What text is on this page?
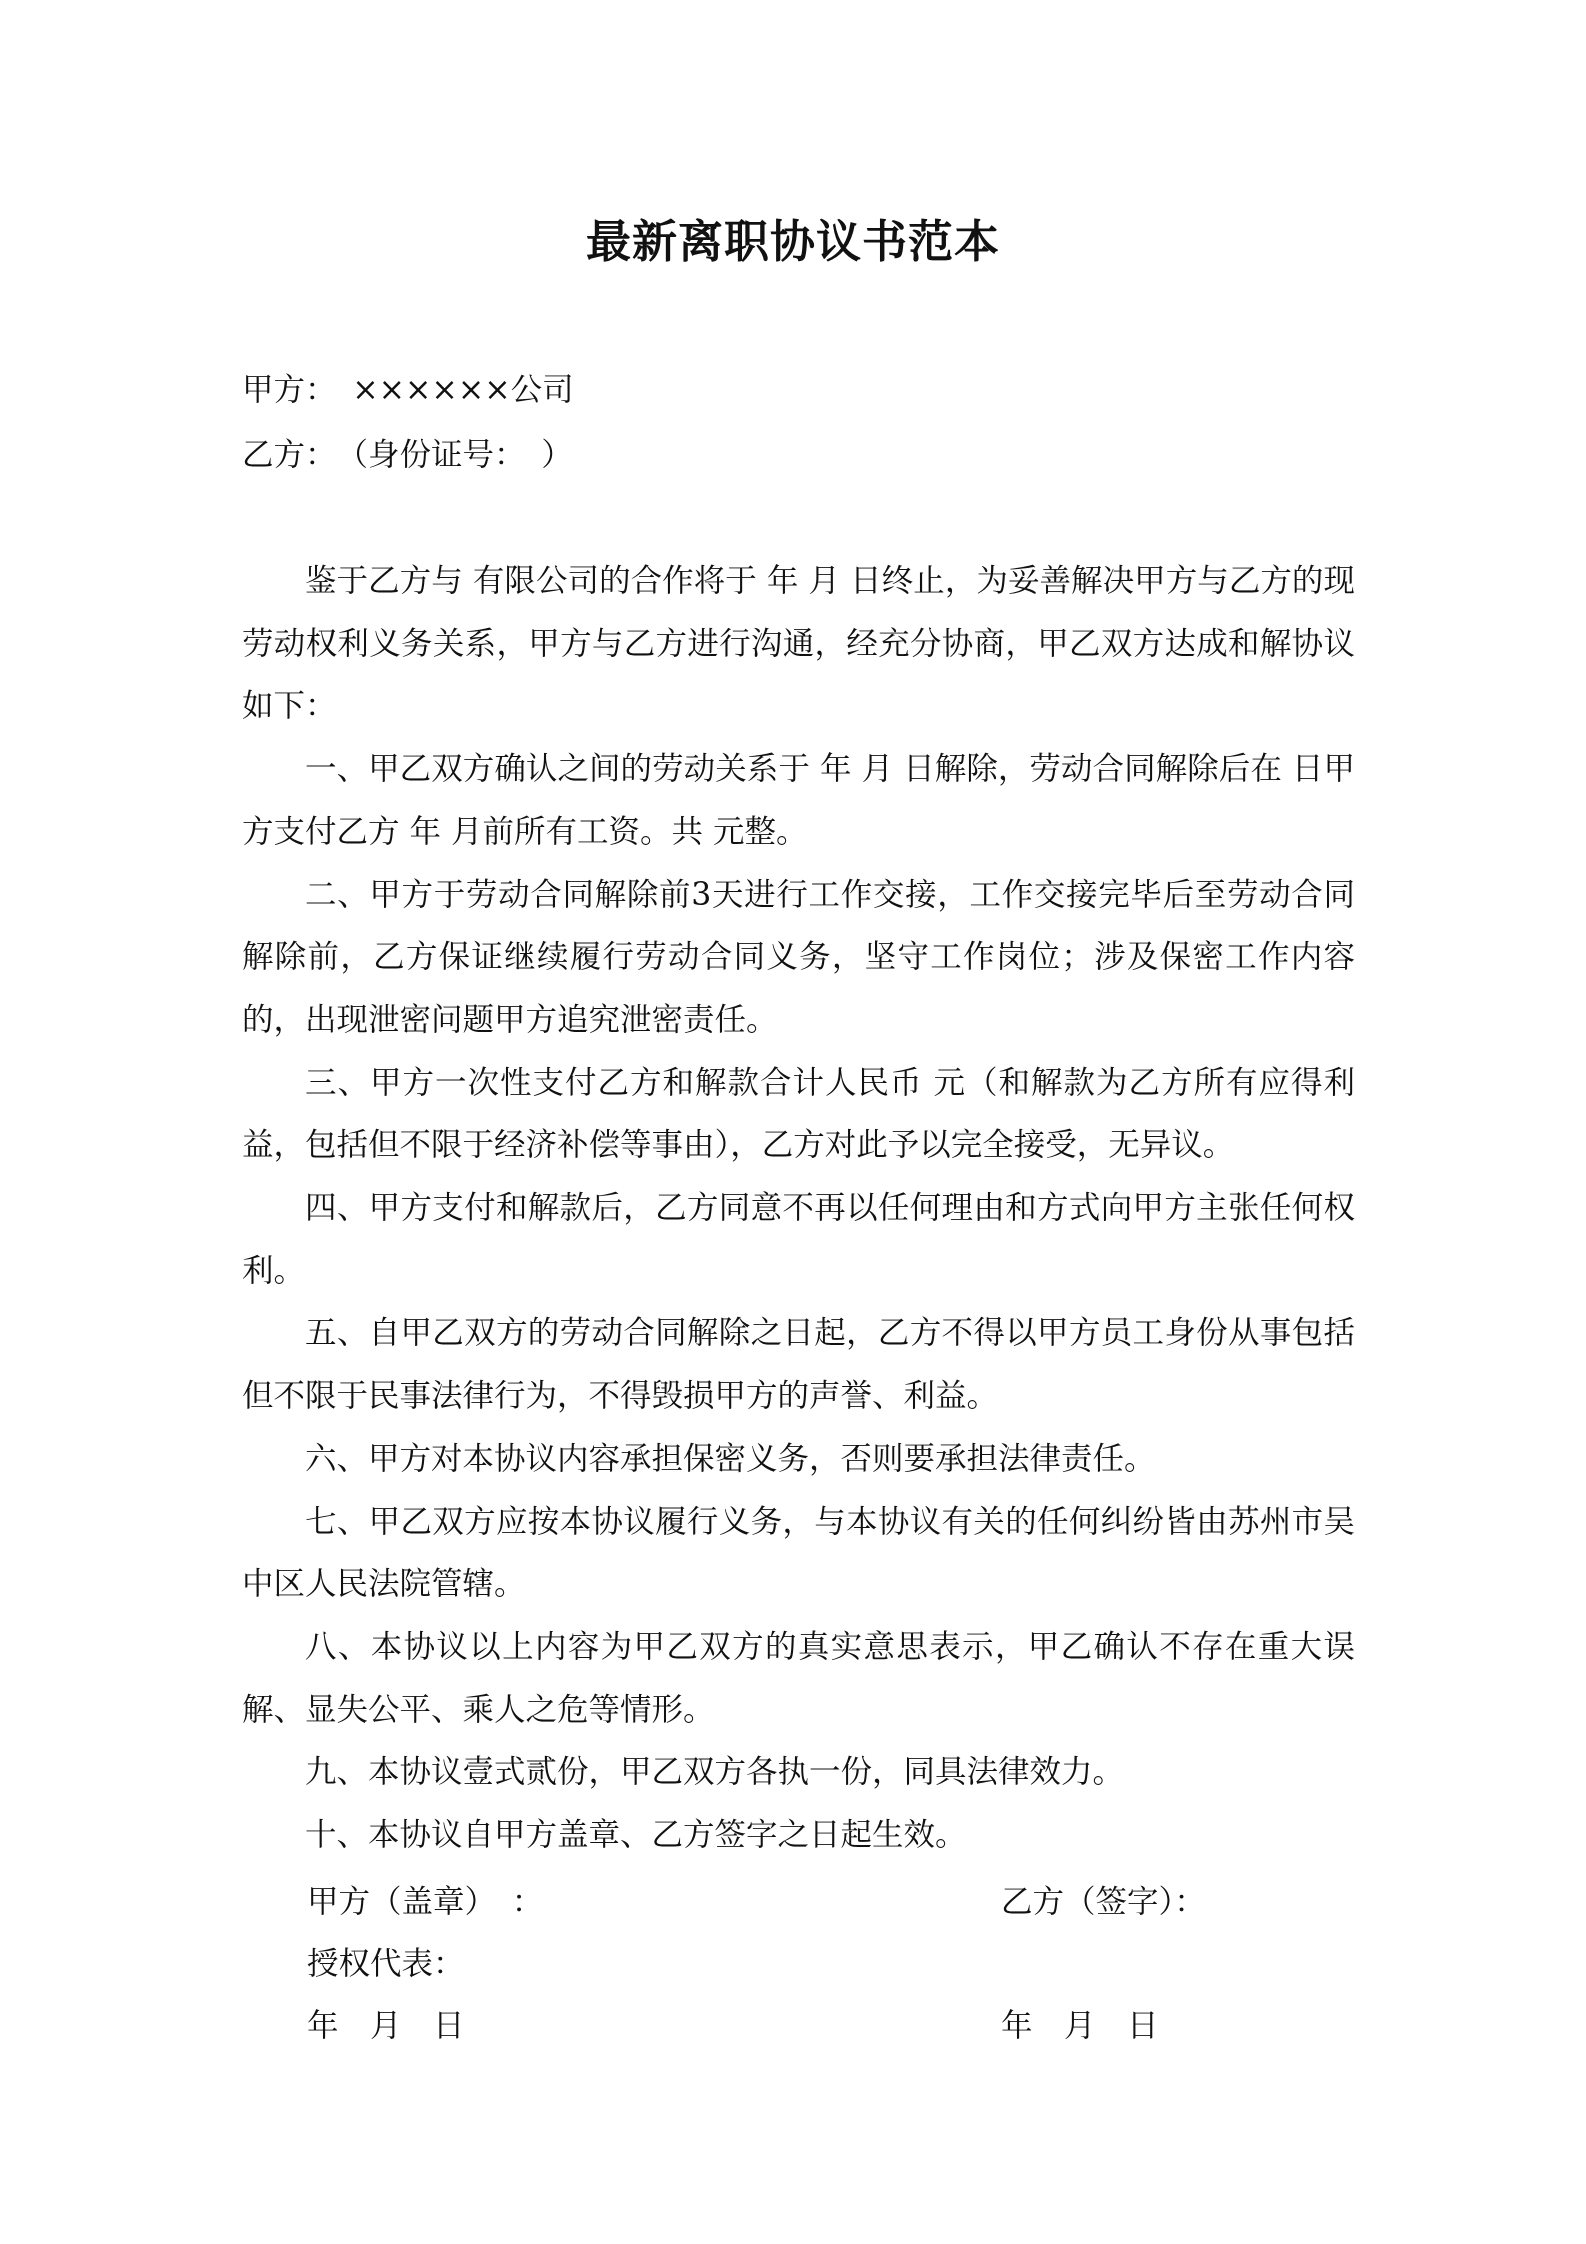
最新离职协议书范本
甲方：　××××××公司
乙方：　（身份证号：　）

鉴于乙方与 有限公司的合作将于 年 月 日终止，为妥善解决甲方与乙方的现劳动权利义务关系，甲方与乙方进行沟通，经充分协商，甲乙双方达成和解协议如下：

一、甲乙双方确认之间的劳动关系于 年 月 日解除，劳动合同解除后在 日甲方支付乙方 年 月前所有工资。共 元整。

二、甲方于劳动合同解除前3天进行工作交接，工作交接完毕后至劳动合同解除前，乙方保证继续履行劳动合同义务，坚守工作岗位；涉及保密工作内容的，出现泄密问题甲方追究泄密责任。

三、甲方一次性支付乙方和解款合计人民币 元（和解款为乙方所有应得利益，包括但不限于经济补偿等事由），乙方对此予以完全接受，无异议。

四、甲方支付和解款后，乙方同意不再以任何理由和方式向甲方主张任何权利。

五、自甲乙双方的劳动合同解除之日起，乙方不得以甲方员工身份从事包括但不限于民事法律行为，不得毁损甲方的声誉、利益。

六、甲方对本协议内容承担保密义务，否则要承担法律责任。

七、甲乙双方应按本协议履行义务，与本协议有关的任何纠纷皆由苏州市吴中区人民法院管辖。

八、本协议以上内容为甲乙双方的真实意思表示，甲乙确认不存在重大误解、显失公平、乘人之危等情形。

九、本协议壹式贰份，甲乙双方各执一份，同具法律效力。

十、本协议自甲方盖章、乙方签字之日起生效。

甲方（盖章）　：
授权代表：
年　月　日
乙方（签字）：
年　月　日
